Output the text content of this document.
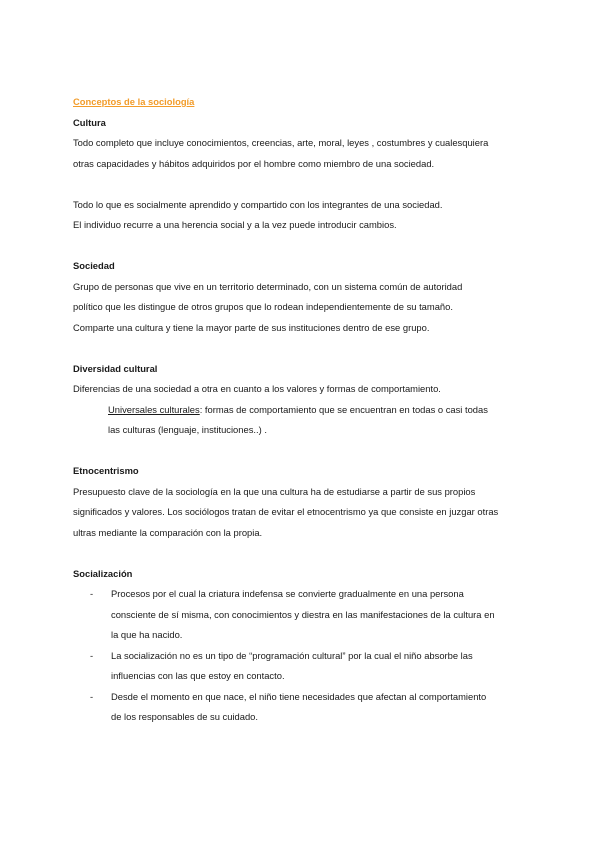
Conceptos de la sociología

Cultura

Todo completo que incluye conocimientos, creencias, arte, moral, leyes , costumbres y cualesquiera

otras capacidades y hábitos adquiridos por el hombre como miembro de una sociedad.

Todo lo que es socialmente aprendido y compartido con los integrantes de una sociedad.

El individuo recurre a una herencia social y a la vez puede introducir cambios.

Sociedad

Grupo de personas que vive en un territorio determinado, con un sistema común de autoridad

político que les distingue de otros grupos que lo rodean independientemente de su tamaño.

Comparte una cultura y tiene la mayor parte de sus instituciones dentro de ese grupo.

Diversidad cultural

Diferencias de una sociedad a otra en cuanto a los valores y formas de comportamiento.

Universales culturales: formas de comportamiento que se encuentran en todas o casi todas

las culturas (lenguaje, instituciones..) .

Etnocentrismo

Presupuesto clave de la sociología en la que una cultura ha de estudiarse a partir de sus propios

significados y valores. Los sociólogos tratan de evitar el etnocentrismo ya que consiste en juzgar otras

ultras mediante la comparación con la propia.

Socialización

- Procesos por el cual la criatura indefensa se convierte gradualmente en una persona
consciente de sí misma, con conocimientos y diestra en las manifestaciones de la cultura en
la que ha nacido.
- La socialización no es un tipo de “programación cultural” por la cual el niño absorbe las
influencias con las que estoy en contacto.
- Desde el momento en que nace, el niño tiene necesidades que afectan al comportamiento
de los responsables de su cuidado.
